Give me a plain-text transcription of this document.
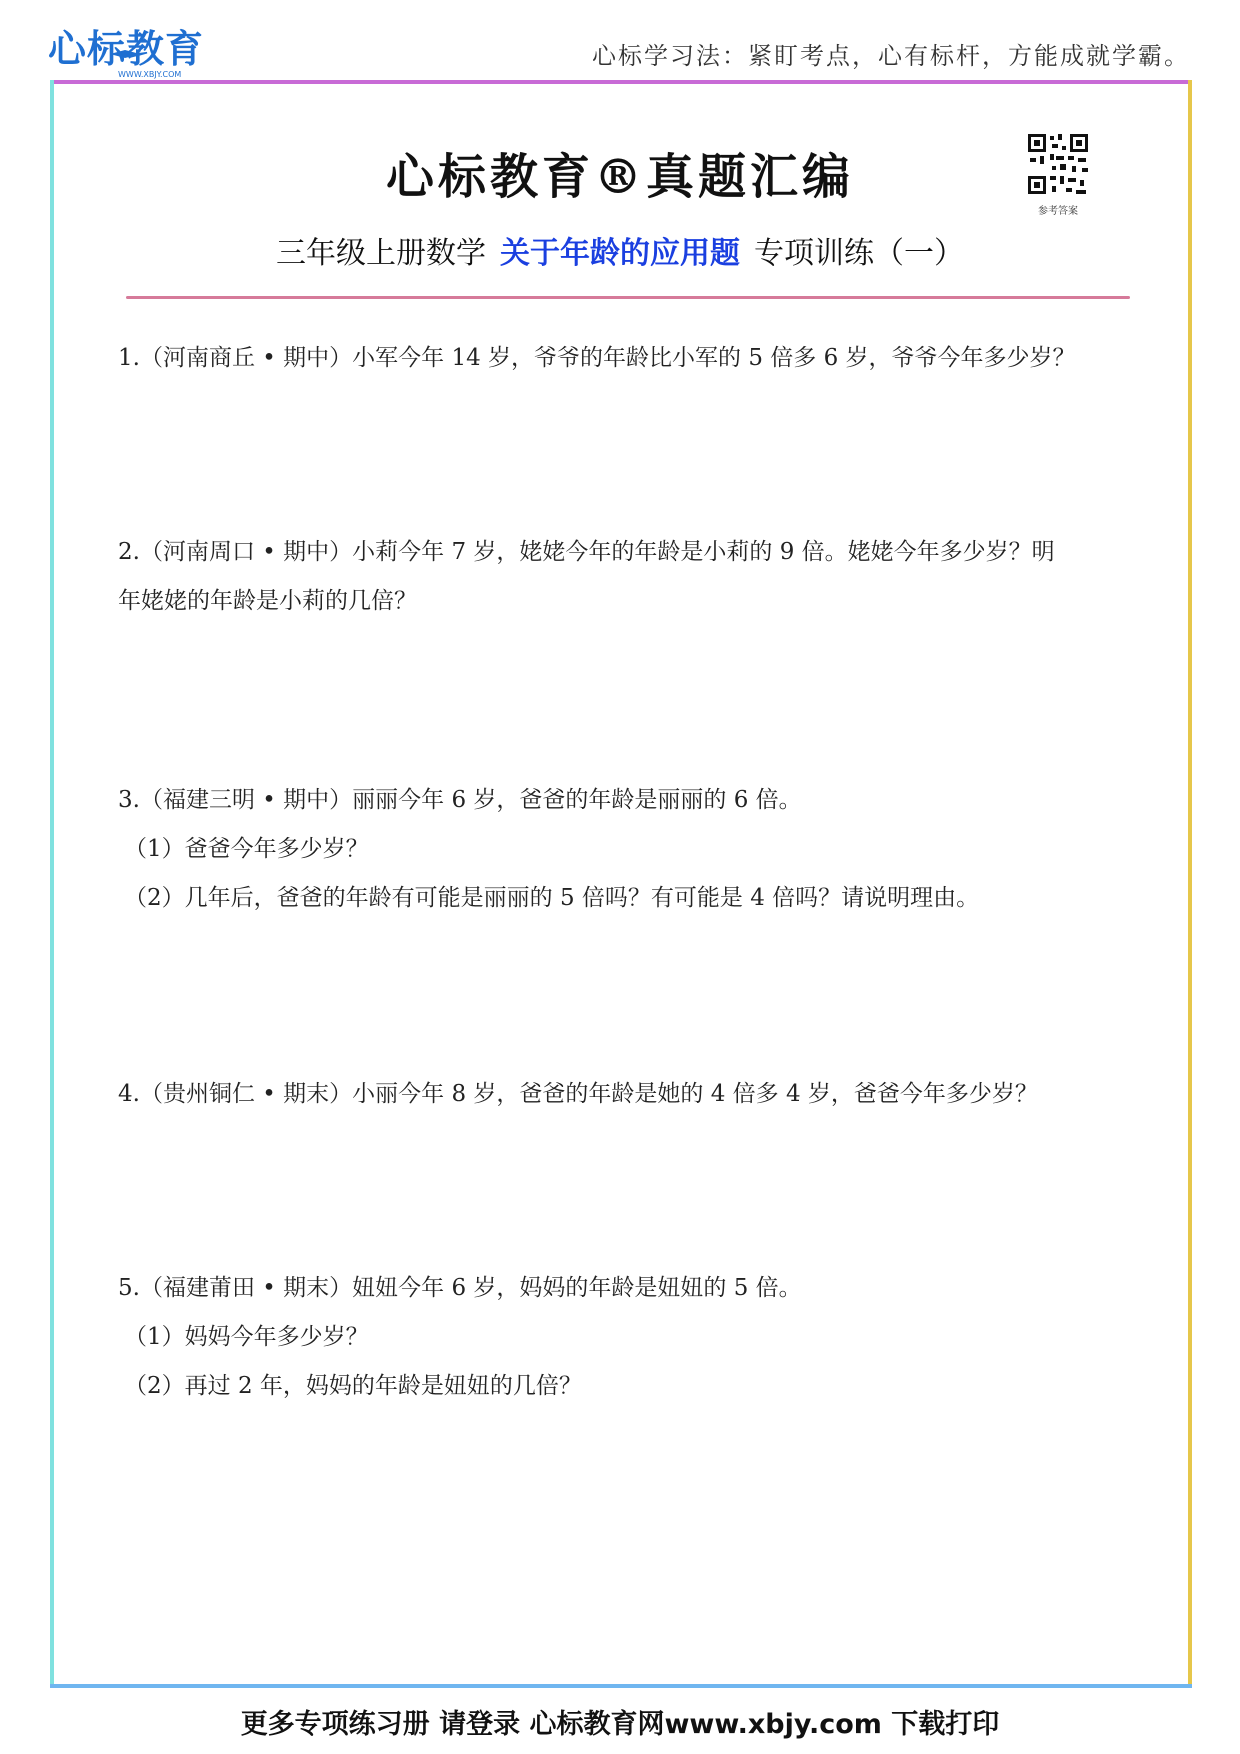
心标教育
WWW.XBJY.COM
心标学习法：紧盯考点，心有标杆，方能成就学霸。
心标教育®真题汇编
参考答案
三年级上册数学 关于年龄的应用题 专项训练（一）

1.（河南商丘 • 期中）小军今年 14 岁，爷爷的年龄比小军的 5 倍多 6 岁，爷爷今年多少岁？

2.（河南周口 • 期中）小莉今年 7 岁，姥姥今年的年龄是小莉的 9 倍。姥姥今年多少岁？明

年姥姥的年龄是小莉的几倍？

3.（福建三明 • 期中）丽丽今年 6 岁，爸爸的年龄是丽丽的 6 倍。

（1）爸爸今年多少岁？

（2）几年后，爸爸的年龄有可能是丽丽的 5 倍吗？有可能是 4 倍吗？请说明理由。

4.（贵州铜仁 • 期末）小丽今年 8 岁，爸爸的年龄是她的 4 倍多 4 岁，爸爸今年多少岁？

5.（福建莆田 • 期末）妞妞今年 6 岁，妈妈的年龄是妞妞的 5 倍。

（1）妈妈今年多少岁？

（2）再过 2 年，妈妈的年龄是妞妞的几倍？

更多专项练习册 请登录 心标教育网www.xbjy.com 下载打印
